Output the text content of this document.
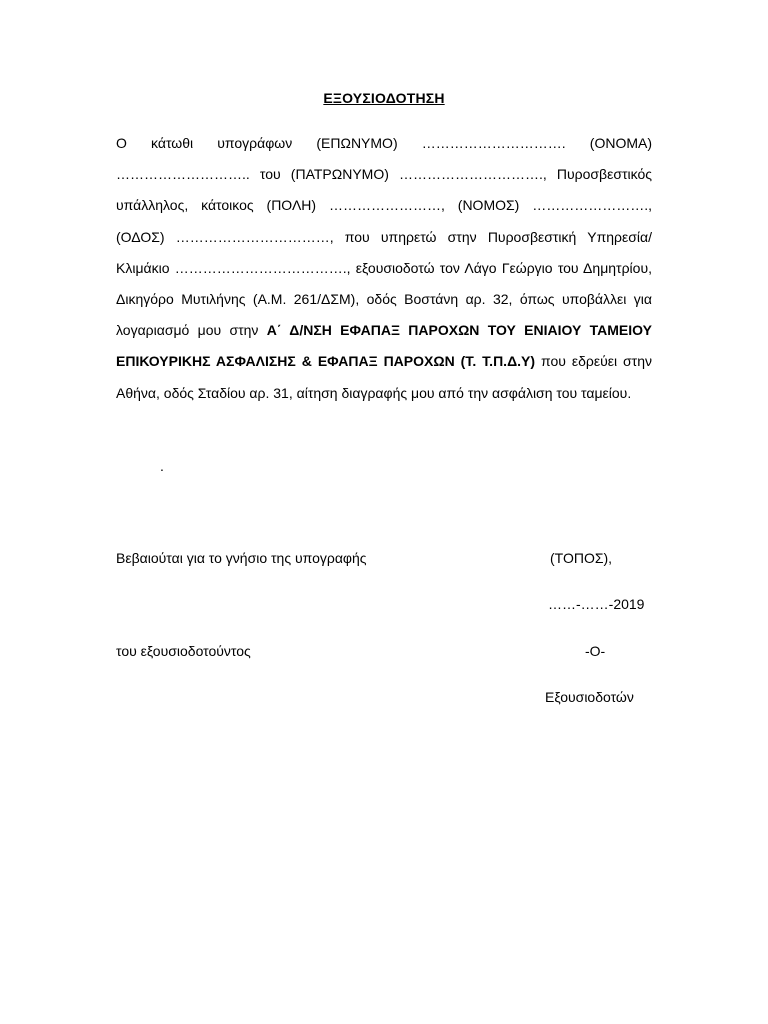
ΕΞΟΥΣΙΟΔΟΤΗΣΗ
Ο κάτωθι υπογράφων (ΕΠΩΝΥΜΟ) …………………………. (ΟΝΟΜΑ) ……………………….. του (ΠΑΤΡΩΝΥΜΟ) …………………………., Πυροσβεστικός υπάλληλος, κάτοικος (ΠΟΛΗ) ……………………, (ΝΟΜΟΣ) ……………………., (ΟΔΟΣ) ……………………………, που υπηρετώ στην Πυροσβεστική Υπηρεσία/Κλιμάκιο ………………………………., εξουσιοδοτώ τον Λάγο Γεώργιο του Δημητρίου, Δικηγόρο Μυτιλήνης (Α.Μ. 261/ΔΣΜ), οδός Βοστάνη αρ. 32, όπως υποβάλλει για λογαριασμό μου στην Α΄ Δ/ΝΣΗ ΕΦΑΠΑΞ ΠΑΡΟΧΩΝ ΤΟΥ ΕΝΙΑΙΟΥ ΤΑΜΕΙΟΥ ΕΠΙΚΟΥΡΙΚΗΣ ΑΣΦΑΛΙΣΗΣ & ΕΦΑΠΑΞ ΠΑΡΟΧΩΝ (Τ. Τ.Π.Δ.Υ) που εδρεύει στην Αθήνα, οδός Σταδίου αρ. 31, αίτηση διαγραφής μου από την ασφάλιση του ταμείου.
.
Βεβαιούται για το γνήσιο της υπογραφής	(ΤΟΠΟΣ),
……-……-2019
του εξουσιοδοτούντος	-Ο-
Εξουσιοδοτών
